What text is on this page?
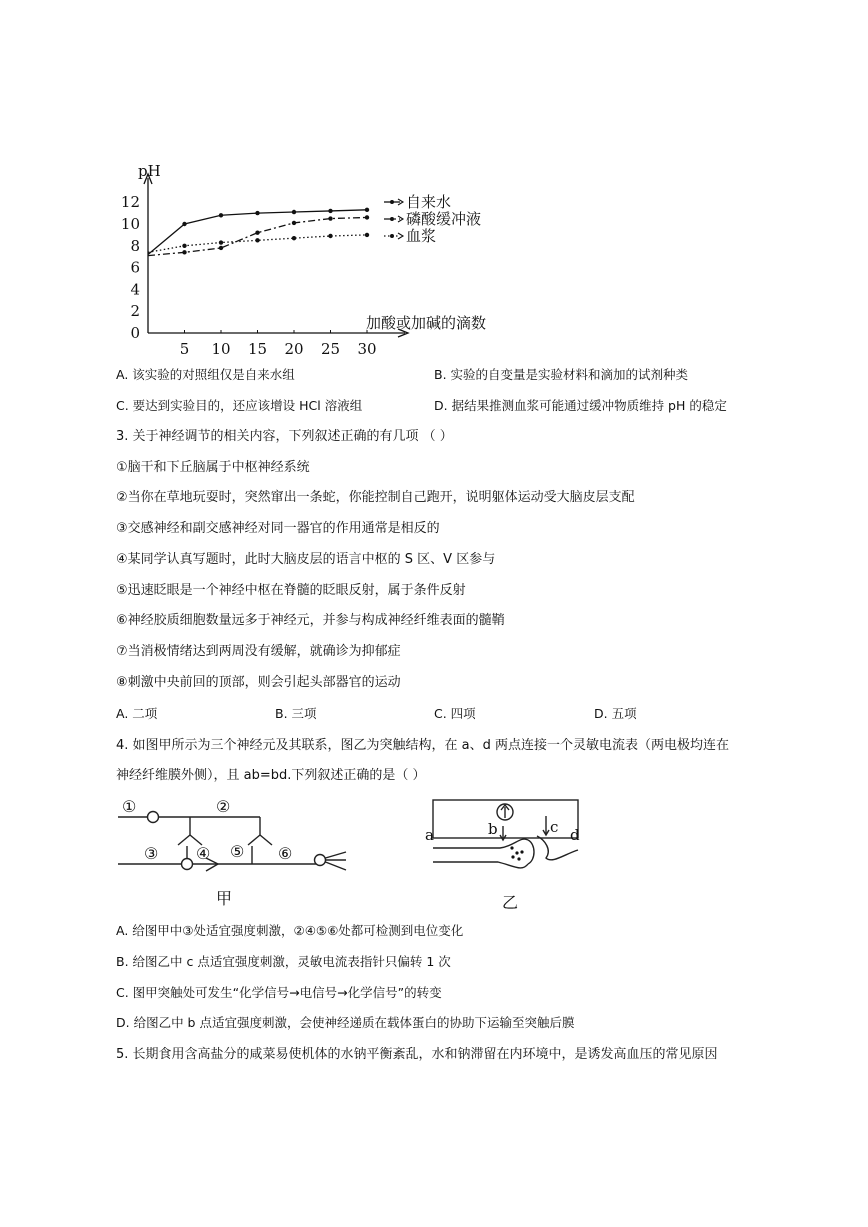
0
2
4
6
8
10
12
5 10 15 20 25 30
自来水
磷酸缓冲液
血浆
pH
加酸或加碱的滴数
A. 该实验的对照组仅是自来水组	B. 实验的自变量是实验材料和滴加的试剂种类
C. 要达到实验目的，还应该增设 HCl 溶液组	D. 据结果推测血浆可能通过缓冲物质维持 pH 的稳定
3. 关于神经调节的相关内容，下列叙述正确的有几项 （ ）
①脑干和下丘脑属于中枢神经系统
②当你在草地玩耍时，突然窜出一条蛇，你能控制自己跑开，说明躯体运动受大脑皮层支配
③交感神经和副交感神经对同一器官的作用通常是相反的
④某同学认真写题时，此时大脑皮层的语言中枢的 S 区、V 区参与
⑤迅速眨眼是一个神经中枢在脊髓的眨眼反射，属于条件反射
⑥神经胶质细胞数量远多于神经元，并参与构成神经纤维表面的髓鞘
⑦当消极情绪达到两周没有缓解，就确诊为抑郁症
⑧刺激中央前回的顶部，则会引起头部器官的运动
A. 二项	B. 三项	C. 四项	D. 五项
4. 如图甲所示为三个神经元及其联系，图乙为突触结构，在 a、d 两点连接一个灵敏电流表（两电极均连在
神经纤维膜外侧），且 ab=bd.下列叙述正确的是（ ）
①	②
③ ④ ⑤ ⑥
甲
a	b	c d
乙
A. 给图甲中③处适宜强度刺激，②④⑤⑥处都可检测到电位变化
B. 给图乙中 c 点适宜强度刺激，灵敏电流表指针只偏转 1 次
C. 图甲突触处可发生“化学信号→电信号→化学信号”的转变
D. 给图乙中 b 点适宜强度刺激，会使神经递质在载体蛋白的协助下运输至突触后膜
5. 长期食用含高盐分的咸菜易使机体的水钠平衡紊乱，水和钠滞留在内环境中，是诱发高血压的常见原因
